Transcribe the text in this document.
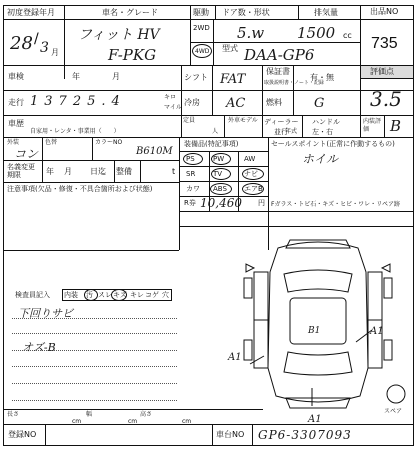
初度登録年月	車名・グレード	駆動 ドア数・形状	排気量	出品NO
28 /
3 月
フィット HV
F-PKG
2WD
4WD
5.w 1500 cc
型式 DAA-GP6
735
車検	年	月
走行 13725.4	キロ
マイル
車歴
自家用・レンタ・事業用（　　）
シフト FAT
保証書
取扱説明書・ノート・記録
有・無
評価点
3.5
冷房 AC	燃料 G
定員
人
外車モデル
年式
ディーラー
並行
ハンドル
左・右
内装評価	B
外装
コン
色替	カラーNO
B610M
名義変更期限	年 月 日迄 整備	t
注意事項(欠品・修復・不具合箇所および状態)
装備品(特記事項)
PS	PW	AW
SR	TV	ナビ
カワ ABS エアB
R券 10,460 円 Fガラス・トビ石・キズ・ヒビ・ワレ・リペア跡
セールスポイント(正常に作動するもの)
ホイル
検査員記入 内装 汚 スレ キズ キレ コゲ 穴
下回りサビ
オズ-B
A1
A1
B1
A1
スペア
長さ
cm
幅
cm
高さ
cm
登録NO	車台NO GP6-3307093
